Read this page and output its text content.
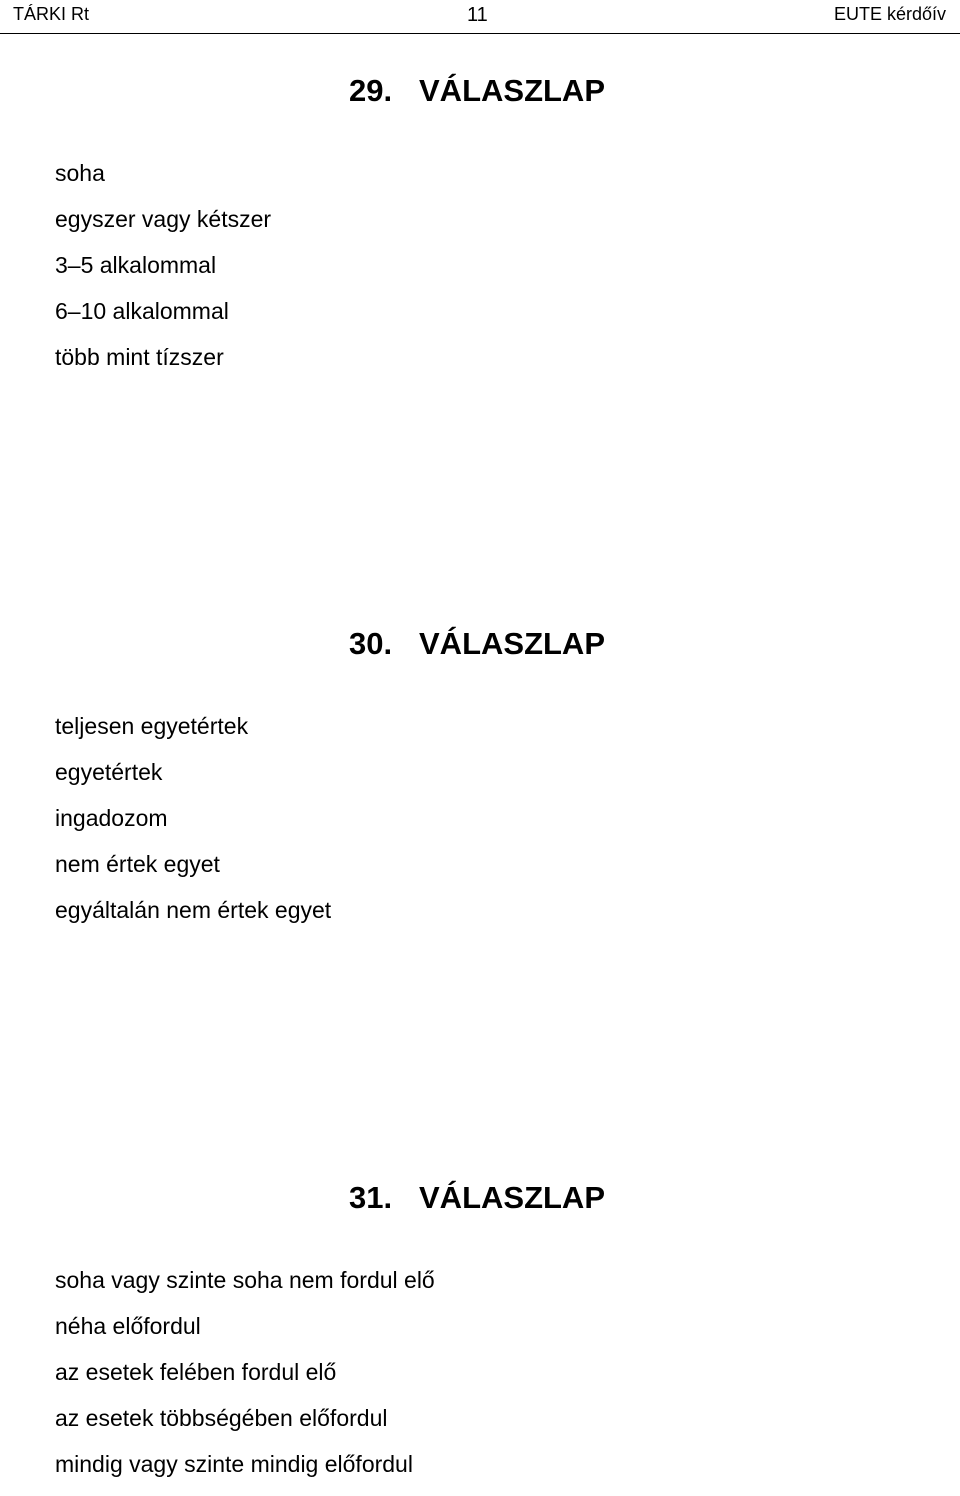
TÁRKI Rt	11	EUTE kérdőív
29. VÁLASZLAP
soha
egyszer vagy kétszer
3–5 alkalommal
6–10 alkalommal
több mint tízszer
30. VÁLASZLAP
teljesen egyetértek
egyetértek
ingadozom
nem értek egyet
egyáltalán nem értek egyet
31. VÁLASZLAP
soha vagy szinte soha nem fordul elő
néha előfordul
az esetek felében fordul elő
az esetek többségében előfordul
mindig vagy szinte mindig előfordul
